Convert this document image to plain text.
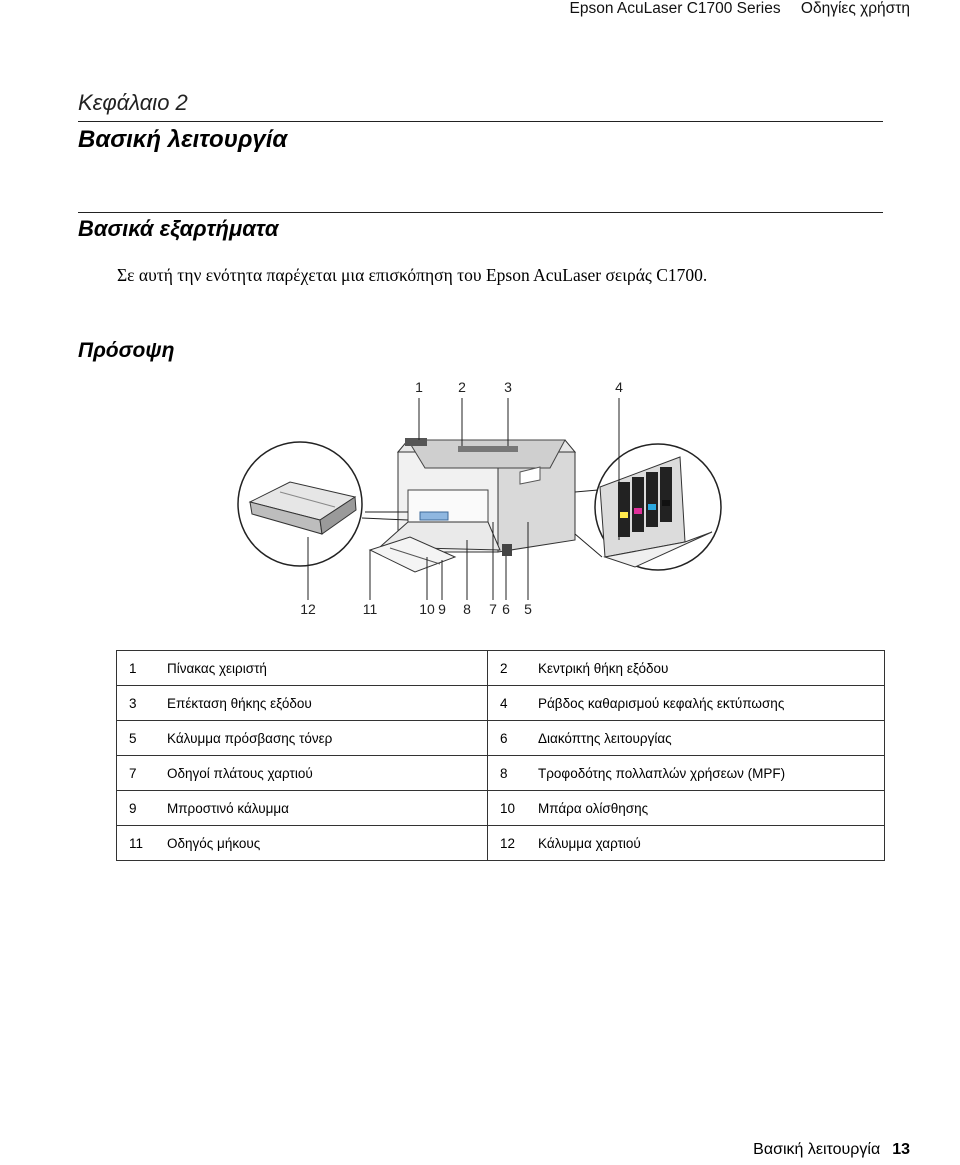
Epson AcuLaser C1700 Series Οδηγίες χρήστη
Κεφάλαιο 2
Βασική λειτουργία
Βασικά εξαρτήματα
Σε αυτή την ενότητα παρέχεται μια επισκόπηση του Epson AcuLaser σειράς C1700.
Πρόσοψη
1	2	3	4
12	11	10 9 8 7 6 5
1	Πίνακας χειριστή	2	Κεντρική θήκη εξόδου
3	Επέκταση θήκης εξόδου	4	Ράβδος καθαρισμού κεφαλής εκτύπωσης
5	Κάλυμμα πρόσβασης τόνερ	6	Διακόπτης λειτουργίας
7	Οδηγοί πλάτους χαρτιού	8	Τροφοδότης πολλαπλών χρήσεων (MPF)
9	Μπροστινό κάλυμμα	10	Μπάρα ολίσθησης
11	Οδηγός μήκους	12	Κάλυμμα χαρτιού
Βασική λειτουργία 13
